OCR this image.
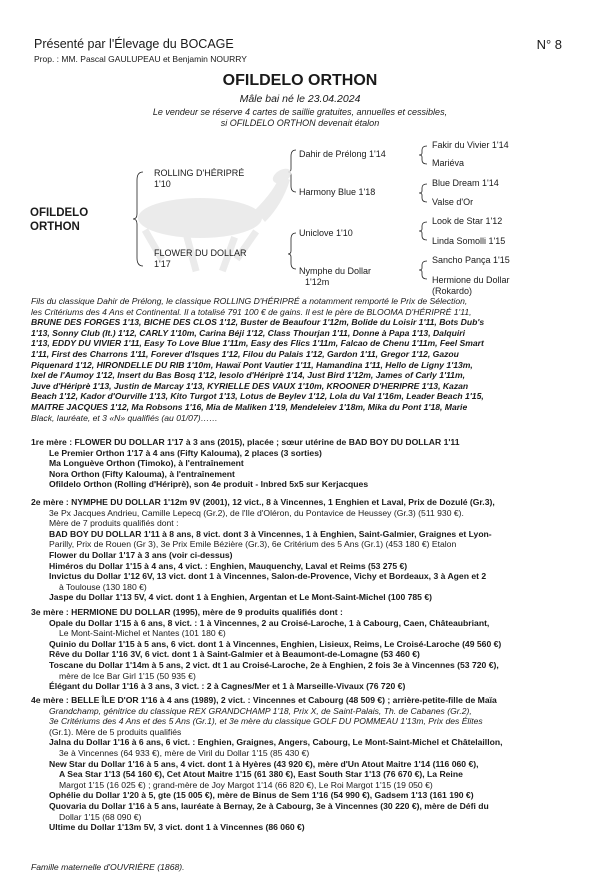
Présenté par l'Élevage du BOCAGE
Prop. : MM. Pascal GAULUPEAU et Benjamin NOURRY
N° 8
OFILDELO ORTHON
Mâle bai né le 23.04.2024
Le vendeur se réserve 4 cartes de saillie gratuites, annuelles et cessibles,
si OFILDELO ORTHON devenait étalon
OFILDELO
ORTHON
ROLLING D'HÉRIPRÉ
1'10
FLOWER DU DOLLAR
1'17
Dahir de Prélong 1'14
Harmony Blue 1'18
Uniclove 1'10
Nymphe du Dollar
1'12m
Fakir du Vivier 1'14
Mariéva
Blue Dream 1'14
Valse d'Or
Look de Star 1'12
Linda Somolli 1'15
Sancho Pança 1'15
Hermione du Dollar
(Rokardo)
Fils du classique Dahir de Prélong, le classique ROLLING D'HÉRIPRÉ a notamment remporté le Prix de Sélection,
les Critériums des 4 Ans et Continental. Il a totalisé 791 100 € de gains. Il est le père de BLOOMA D'HÉRIPRÉ 1'11,
BRUNE DES FORGES 1'13, BICHE DES CLOS 1'12, Buster de Beaufour 1'12m, Bolide du Loisir 1'11, Bots Dub's
1'13, Sonny Club (It.) 1'12, CARLY 1'10m, Carina Béji 1'12, Class Thourjan 1'11, Donne à Papa 1'13, Dalquiri
1'13, EDDY DU VIVIER 1'11, Easy To Love Blue 1'11m, Easy des Flics 1'11m, Falcao de Chenu 1'11m, Feel Smart
1'11, First des Charrons 1'11, Forever d'Isques 1'12, Filou du Palais 1'12, Gardon 1'11, Gregor 1'12, Gazou
Piquenard 1'12, HIRONDELLE DU RIB 1'10m, Hawaï Pont Vautier 1'11, Hamandina 1'11, Hello de Ligny 1'13m,
Ixel de l'Aumoy 1'12, Insert du Bas Bosq 1'12, Iesolo d'Hériprè 1'14, Just Bird 1'12m, James of Carly 1'11m,
Juve d'Hériprè 1'13, Justin de Marcay 1'13, KYRIELLE DES VAUX 1'10m, KROONER D'HERIPRE 1'13, Kazan
Beach 1'12, Kador d'Ourville 1'13, Kito Turgot 1'13, Lotus de Beylev 1'12, Lola du Val 1'16m, Leader Beach 1'15,
MAITRE JACQUES 1'12, Ma Robsons 1'16, Mia de Maliken 1'19, Mendeleiev 1'18m, Mika du Pont 1'18, Marie
Black, lauréate, et 3 «N» qualifiés (au 01/07)……
1re mère : FLOWER DU DOLLAR 1'17 à 3 ans (2015), placée ; sœur utérine de BAD BOY DU DOLLAR 1'11
Le Premier Orthon 1'17 à 4 ans (Fifty Kalouma), 2 places (3 sorties)
Ma Longuève Orthon (Timoko), à l'entraînement
Nora Orthon (Fifty Kalouma), à l'entraînement
Ofildelo Orthon (Rolling d'Hériprè), son 4e produit - Inbred 5x5 sur Kerjacques
2e mère : NYMPHE DU DOLLAR 1'12m 9V (2001), 12 vict., 8 à Vincennes, 1 Enghien et Laval, Prix de Dozulé (Gr.3),
3e Px Jacques Andrieu, Camille Lepecq (Gr.2), de l'Ile d'Oléron, du Pontavice de Heussey (Gr.3) (511 930 €).
Mère de 7 produits qualifiés dont :
BAD BOY DU DOLLAR 1'11 à 8 ans, 8 vict. dont 3 à Vincennes, 1 à Enghien, Saint-Galmier, Graignes et Lyon-
Parilly, Prix de Rouen (Gr 3), 3e Prix Emile Bézière (Gr.3), 6e Critérium des 5 Ans (Gr.1) (453 180 €) Etalon
Flower du Dollar 1'17 à 3 ans (voir ci-dessus)
Himéros du Dollar 1'15 à 4 ans, 4 vict. : Enghien, Mauquenchy, Laval et Reims (53 275 €)
Invictus du Dollar 1'12 6V, 13 vict. dont 1 à Vincennes, Salon-de-Provence, Vichy et Bordeaux, 3 à Agen et 2
à Toulouse (130 180 €)
Jaspe du Dollar 1'13 5V, 4 vict. dont 1 à Enghien, Argentan et Le Mont-Saint-Michel (100 785 €)
3e mère : HERMIONE DU DOLLAR (1995), mère de 9 produits qualifiés dont :
Opale du Dollar 1'15 à 6 ans, 8 vict. : 1 à Vincennes, 2 au Croisé-Laroche, 1 à Cabourg, Caen, Châteaubriant,
Le Mont-Saint-Michel et Nantes (101 180 €)
Quinio du Dollar 1'15 à 5 ans, 6 vict. dont 1 à Vincennes, Enghien, Lisieux, Reims, Le Croisé-Laroche (49 560 €)
Rêve du Dollar 1'16 3V, 6 vict. dont 1 à Saint-Galmier et à Beaumont-de-Lomagne (53 460 €)
Toscane du Dollar 1'14m à 5 ans, 2 vict. dt 1 au Croisé-Laroche, 2e à Enghien, 2 fois 3e à Vincennes (53 720 €),
mère de Ice Bar Girl 1'15 (50 935 €)
Élégant du Dollar 1'16 à 3 ans, 3 vict. : 2 à Cagnes/Mer et 1 à Marseille-Vivaux (76 720 €)
4e mère : BELLE ÎLE D'OR 1'16 à 4 ans (1989), 2 vict. : Vincennes et Cabourg (48 509 €) ; arrière-petite-fille de Maïa
Grandchamp, génitrice du classique REX GRANDCHAMP 1'18, Prix X, de Saint-Palais, Th. de Cabanes (Gr.2),
3e Critériums des 4 Ans et des 5 Ans (Gr.1), et 3e mère du classique GOLF DU POMMEAU 1'13m, Prix des Élites
(Gr.1). Mère de 5 produits qualifiés
Jalna du Dollar 1'16 à 6 ans, 6 vict. : Enghien, Graignes, Angers, Cabourg, Le Mont-Saint-Michel et Châtelaillon,
3e à Vincennes (64 933 €), mère de Viril du Dollar 1'15 (85 430 €)
New Star du Dollar 1'16 à 5 ans, 4 vict. dont 1 à Hyères (43 920 €), mère d'Un Atout Maitre 1'14 (116 060 €),
A Sea Star 1'13 (54 160 €), Cet Atout Maitre 1'15 (61 380 €), East South Star 1'13 (76 670 €), La Reine
Margot 1'15 (16 025 €) ; grand-mère de Joy Margot 1'14 (66 820 €), Le Roi Margot 1'15 (19 050 €)
Ophélie du Dollar 1'20 à 5, gte (15 005 €), mère de Binus de Sem 1'16 (54 990 €), Gadsem 1'13 (161 190 €)
Quovaria du Dollar 1'16 à 5 ans, lauréate à Bernay, 2e à Cabourg, 3e à Vincennes (30 220 €), mère de Défi du
Dollar 1'15 (68 090 €)
Ultime du Dollar 1'13m 5V, 3 vict. dont 1 à Vincennes (86 060 €)
Famille maternelle d'OUVRIÈRE (1868).
